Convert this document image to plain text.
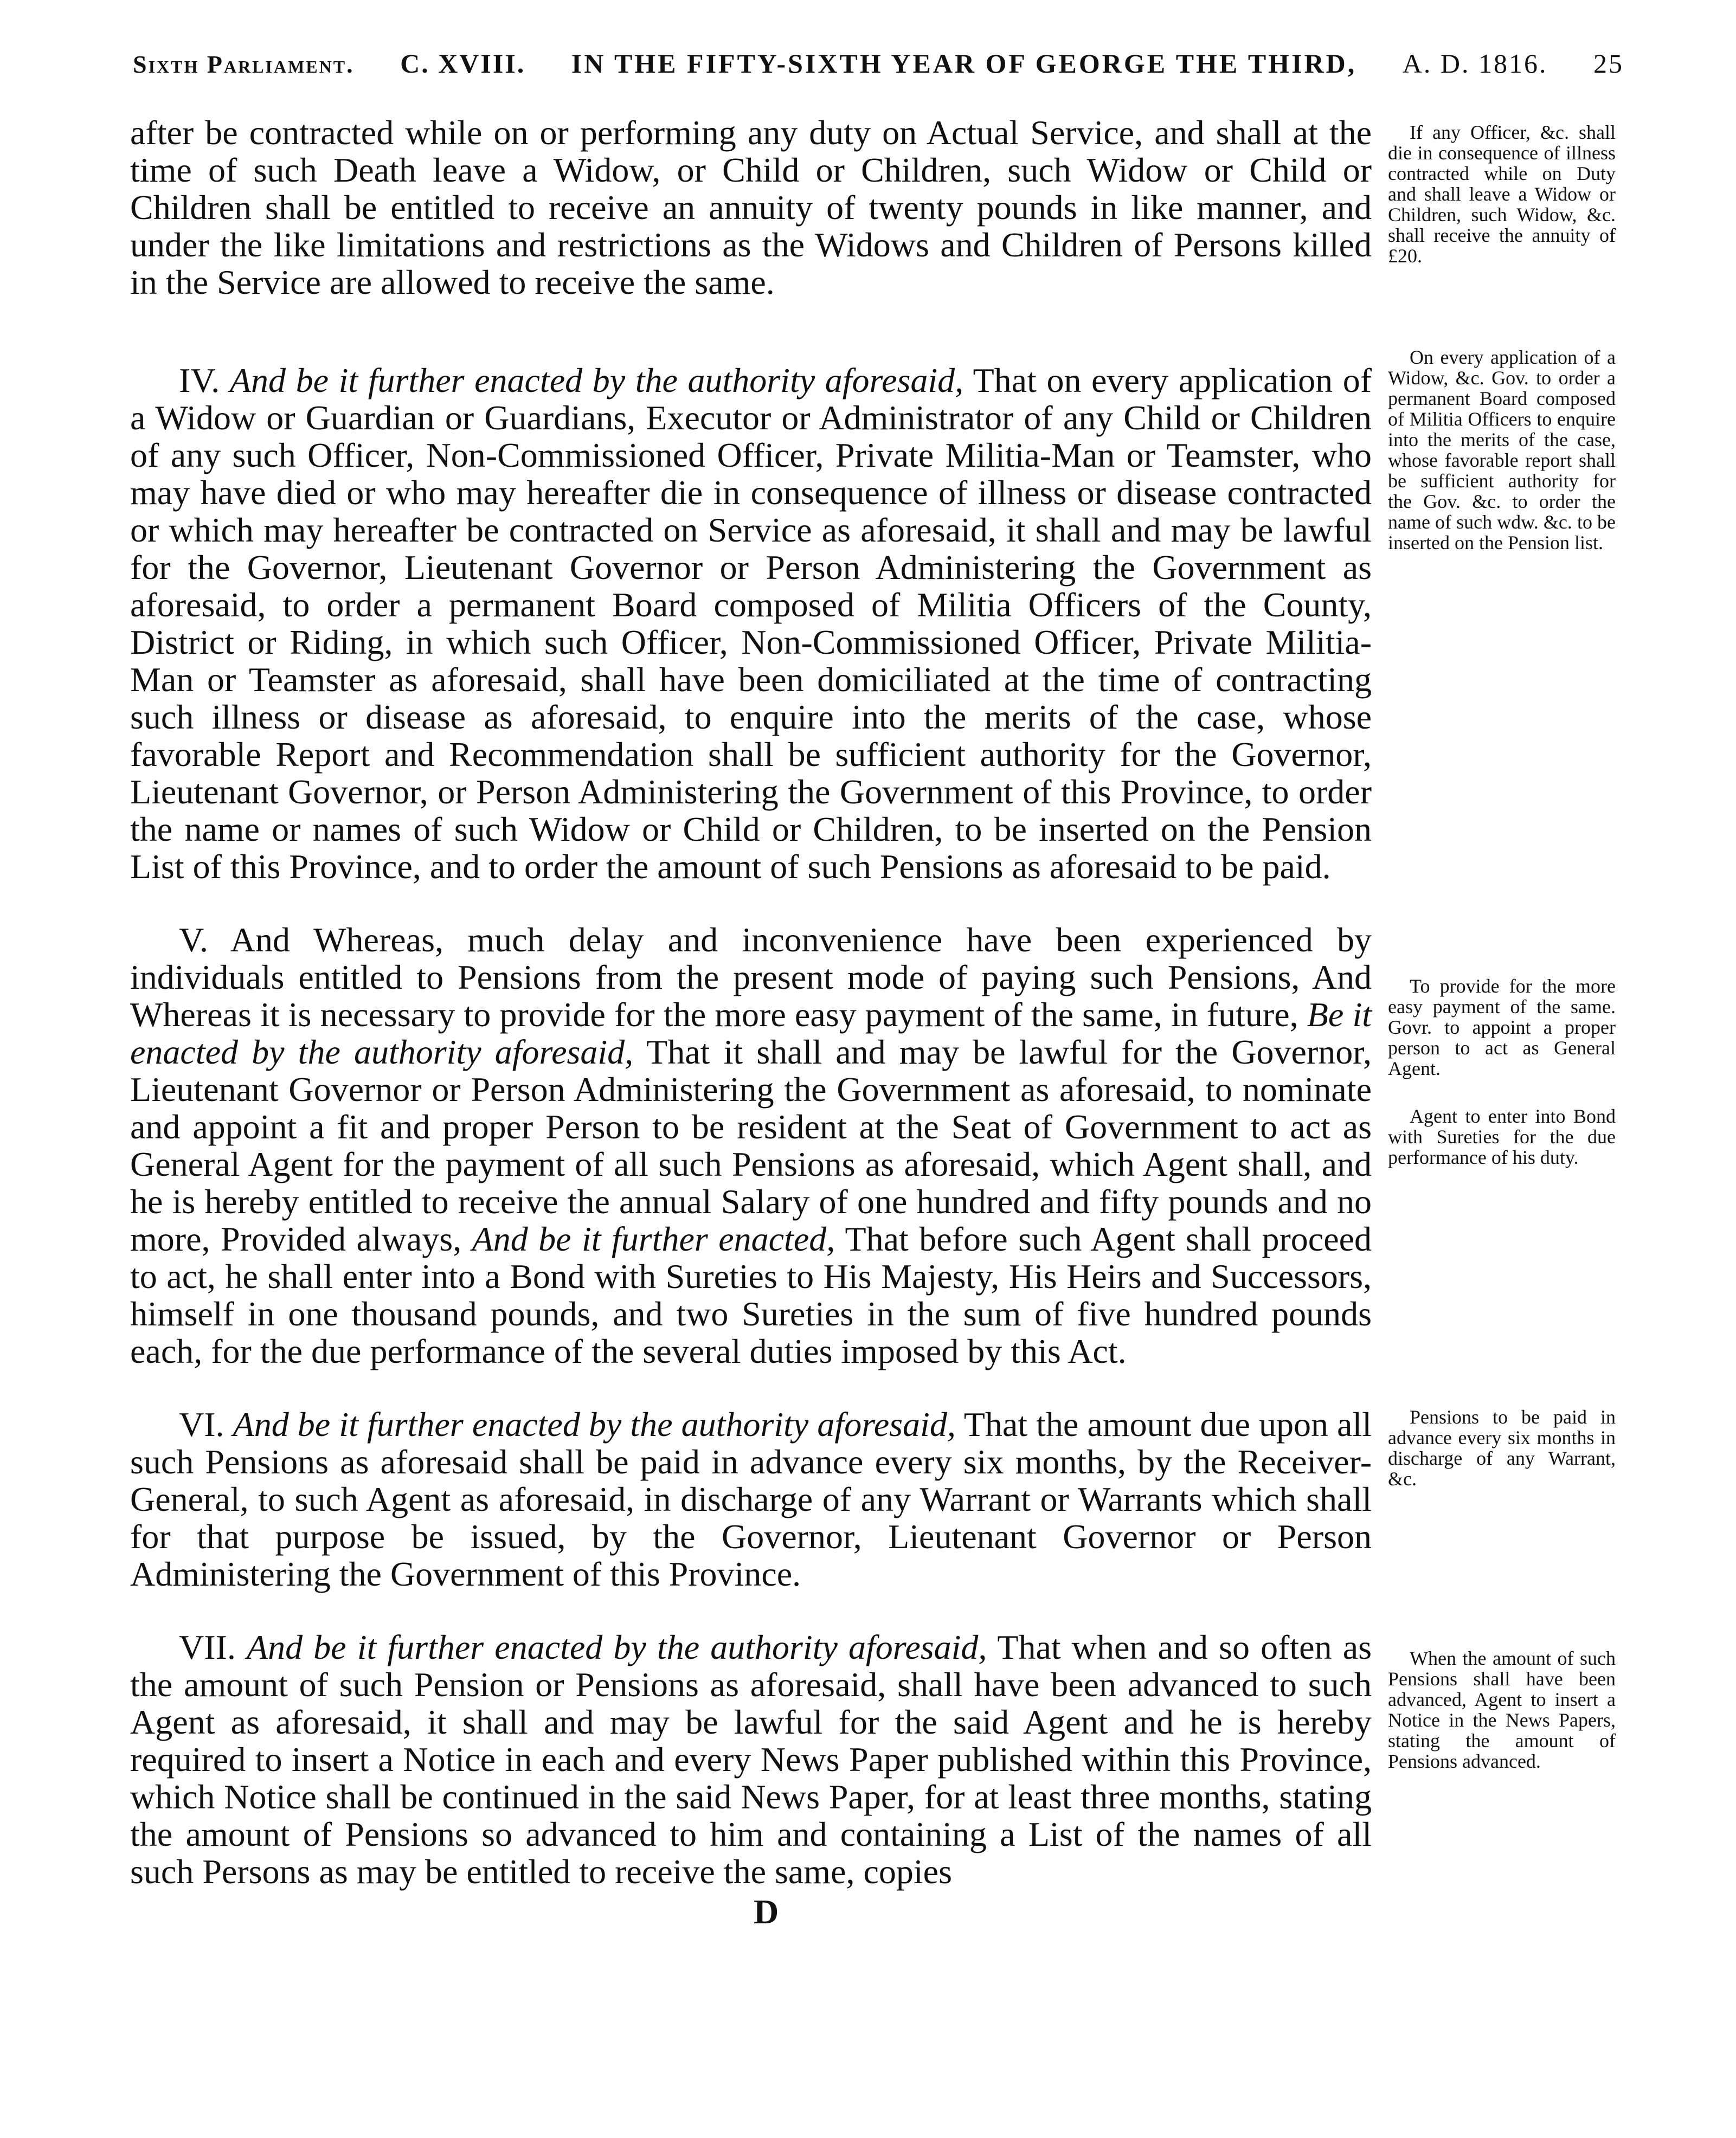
Sixth Parliament. C. XVIII. IN THE FIFTY-SIXTH YEAR OF GEORGE THE THIRD, A. D. 1816. 25

after be contracted while on or performing any duty on Actual Service, and shall at the time of such Death leave a Widow, or Child or Children, such Widow or Child or Children shall be entitled to receive an annuity of twenty pounds in like manner, and under the like limitations and restrictions as the Widows and Children of Persons killed in the Service are allowed to receive the same.

IV. And be it further enacted by the authority aforesaid, That on every application of a Widow or Guardian or Guardians, Executor or Administrator of any Child or Children of any such Officer, Non-Commissioned Officer, Private Militia-Man or Teamster, who may have died or who may hereafter die in consequence of illness or disease contracted or which may hereafter be contracted on Service as aforesaid, it shall and may be lawful for the Governor, Lieutenant Governor or Person Administering the Government as aforesaid, to order a permanent Board composed of Militia Officers of the County, District or Riding, in which such Officer, Non-Commissioned Officer, Private Militia-Man or Teamster as aforesaid, shall have been domiciliated at the time of contracting such illness or disease as aforesaid, to enquire into the merits of the case, whose favorable Report and Recommendation shall be sufficient authority for the Governor, Lieutenant Governor, or Person Administering the Government of this Province, to order the name or names of such Widow or Child or Children, to be inserted on the Pension List of this Province, and to order the amount of such Pensions as aforesaid to be paid.

V. And Whereas, much delay and inconvenience have been experienced by individuals entitled to Pensions from the present mode of paying such Pensions, And Whereas it is necessary to provide for the more easy payment of the same, in future, Be it enacted by the authority aforesaid, That it shall and may be lawful for the Governor, Lieutenant Governor or Person Administering the Government as aforesaid, to nominate and appoint a fit and proper Person to be resident at the Seat of Government to act as General Agent for the payment of all such Pensions as aforesaid, which Agent shall, and he is hereby entitled to receive the annual Salary of one hundred and fifty pounds and no more, Provided always, And be it further enacted, That before such Agent shall proceed to act, he shall enter into a Bond with Sureties to His Majesty, His Heirs and Successors, himself in one thousand pounds, and two Sureties in the sum of five hundred pounds each, for the due performance of the several duties imposed by this Act.

VI. And be it further enacted by the authority aforesaid, That the amount due upon all such Pensions as aforesaid shall be paid in advance every six months, by the Receiver-General, to such Agent as aforesaid, in discharge of any Warrant or Warrants which shall for that purpose be issued, by the Governor, Lieutenant Governor or Person Administering the Government of this Province.

VII. And be it further enacted by the authority aforesaid, That when and so often as the amount of such Pension or Pensions as aforesaid, shall have been advanced to such Agent as aforesaid, it shall and may be lawful for the said Agent and he is hereby required to insert a Notice in each and every News Paper published within this Province, which Notice shall be continued in the said News Paper, for at least three months, stating the amount of Pensions so advanced to him and containing a List of the names of all such Persons as may be entitled to receive the same, copies

If any Officer, &c. shall die in consequence of illness contracted while on Duty and shall leave a Widow or Children, such Widow, &c. shall receive the annuity of £20.

On every application of a Widow, &c. Gov. to order a permanent Board composed of Militia Officers to enquire into the merits of the case, whose favorable report shall be sufficient authority for the Gov. &c. to order the name of such wdw. &c. to be inserted on the Pension list.

To provide for the more easy payment of the same. Govr. to appoint a proper person to act as General Agent.

Agent to enter into Bond with Sureties for the due performance of his duty.

Pensions to be paid in advance every six months in discharge of any Warrant, &c.

When the amount of such Pensions shall have been advanced, Agent to insert a Notice in the News Papers, stating the amount of Pensions advanced.

D
